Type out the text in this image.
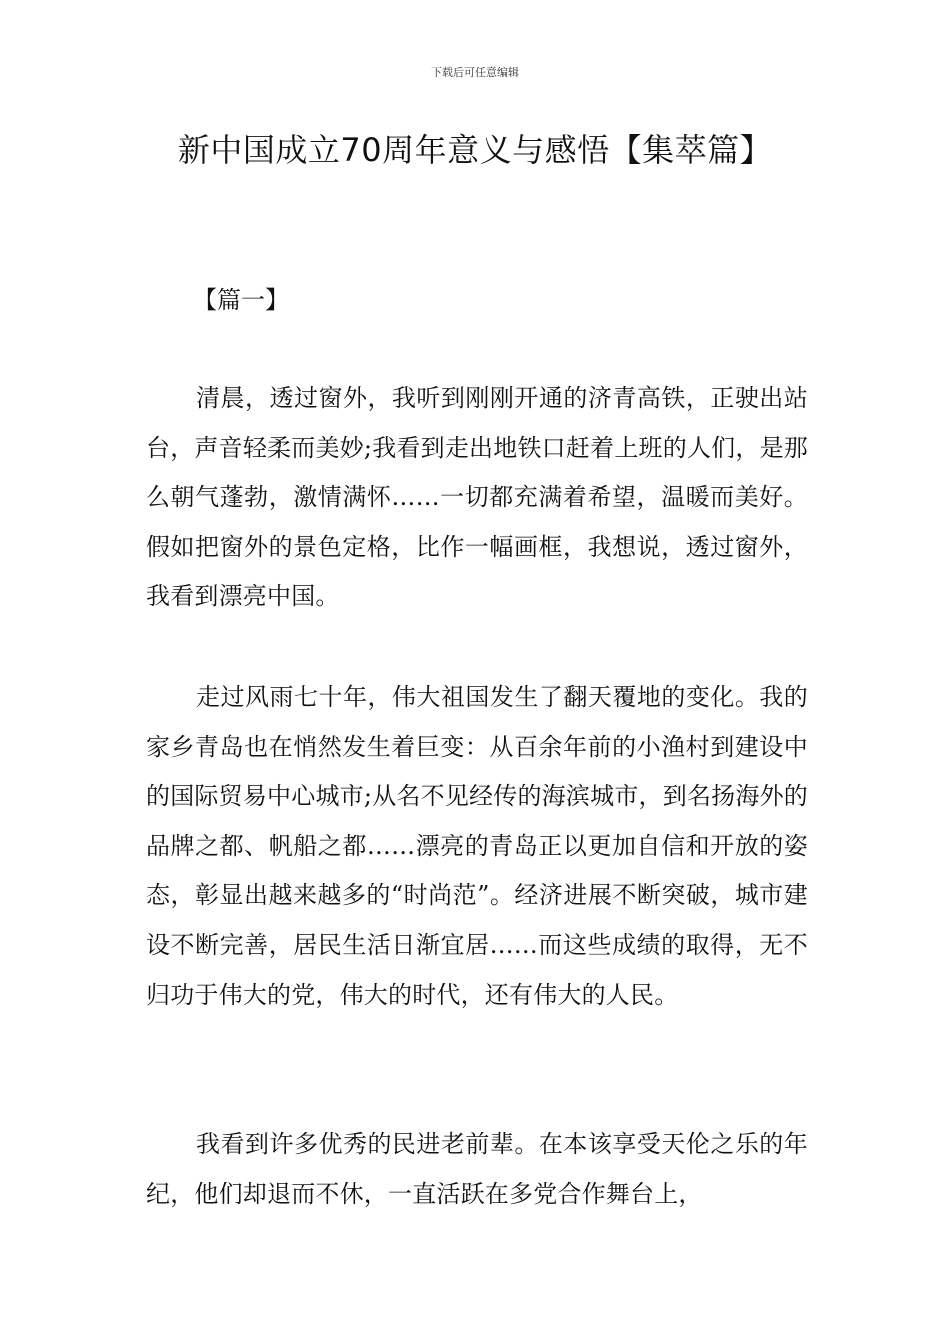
下载后可任意编辑
新中国成立70周年意义与感悟【集萃篇】
【篇一】

清晨，透过窗外，我听到刚刚开通的济青高铁，正驶出站台，声音轻柔而美妙;我看到走出地铁口赶着上班的人们，是那么朝气蓬勃，激情满怀……一切都充满着希望，温暖而美好。假如把窗外的景色定格，比作一幅画框，我想说，透过窗外，我看到漂亮中国。

走过风雨七十年，伟大祖国发生了翻天覆地的变化。我的家乡青岛也在悄然发生着巨变：从百余年前的小渔村到建设中的国际贸易中心城市;从名不见经传的海滨城市，到名扬海外的品牌之都、帆船之都……漂亮的青岛正以更加自信和开放的姿态，彰显出越来越多的“时尚范”。经济进展不断突破，城市建设不断完善，居民生活日渐宜居……而这些成绩的取得，无不归功于伟大的党，伟大的时代，还有伟大的人民。

我看到许多优秀的民进老前辈。在本该享受天伦之乐的年纪，他们却退而不休，一直活跃在多党合作舞台上，
